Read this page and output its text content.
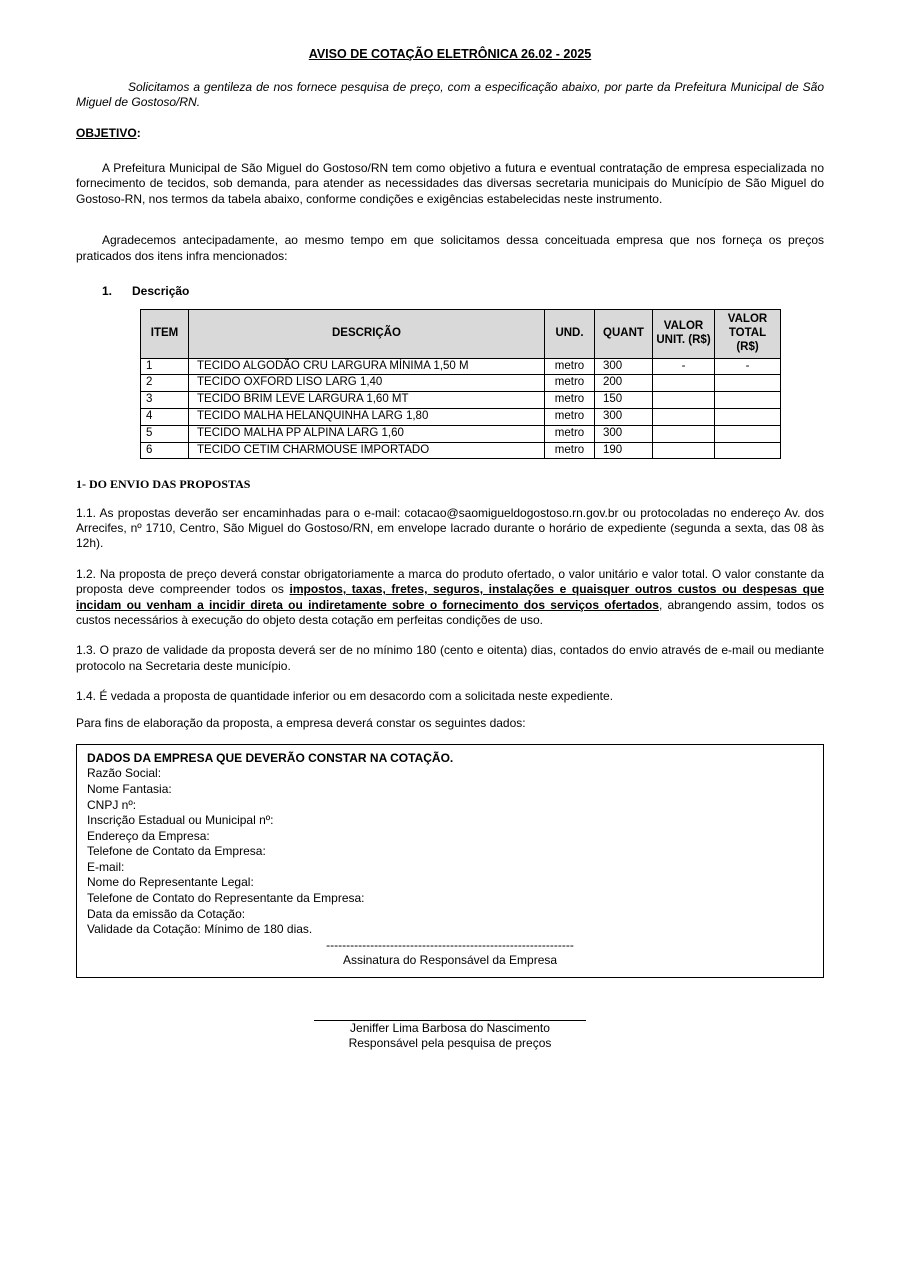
AVISO DE COTAÇÃO ELETRÔNICA 26.02 - 2025

Solicitamos a gentileza de nos fornece pesquisa de preço, com a especificação abaixo, por parte da Prefeitura Municipal de São Miguel de Gostoso/RN.

OBJETIVO:

A Prefeitura Municipal de São Miguel do Gostoso/RN tem como objetivo a futura e eventual contratação de empresa especializada no fornecimento de tecidos, sob demanda, para atender as necessidades das diversas secretaria municipais do Município de São Miguel do Gostoso-RN, nos termos da tabela abaixo, conforme condições e exigências estabelecidas neste instrumento.

Agradecemos antecipadamente, ao mesmo tempo em que solicitamos dessa conceituada empresa que nos forneça os preços praticados dos itens infra mencionados:

1. Descrição

ITEM	DESCRIÇÃO	UND.	QUANT	VALOR UNIT. (R$)	VALOR TOTAL (R$)
1	TECIDO ALGODÃO CRU LARGURA MÍNIMA 1,50 M	metro	300	-	-
2	TECIDO OXFORD LISO LARG 1,40	metro	200		
3	TECIDO BRIM LEVE LARGURA 1,60 MT	metro	150		
4	TECIDO MALHA HELANQUINHA LARG 1,80	metro	300		
5	TECIDO MALHA PP ALPINA LARG 1,60	metro	300		
6	TECIDO CETIM CHARMOUSE IMPORTADO	metro	190		

1- DO ENVIO DAS PROPOSTAS

1.1. As propostas deverão ser encaminhadas para o e-mail: cotacao@saomigueldogostoso.rn.gov.br ou protocoladas no endereço Av. dos Arrecifes, nº 1710, Centro, São Miguel do Gostoso/RN, em envelope lacrado durante o horário de expediente (segunda a sexta, das 08 às 12h).

1.2. Na proposta de preço deverá constar obrigatoriamente a marca do produto ofertado, o valor unitário e valor total. O valor constante da proposta deve compreender todos os impostos, taxas, fretes, seguros, instalações e quaisquer outros custos ou despesas que incidam ou venham a incidir direta ou indiretamente sobre o fornecimento dos serviços ofertados, abrangendo assim, todos os custos necessários à execução do objeto desta cotação em perfeitas condições de uso.

1.3. O prazo de validade da proposta deverá ser de no mínimo 180 (cento e oitenta) dias, contados do envio através de e-mail ou mediante protocolo na Secretaria deste município.

1.4. É vedada a proposta de quantidade inferior ou em desacordo com a solicitada neste expediente.

Para fins de elaboração da proposta, a empresa deverá constar os seguintes dados:

DADOS DA EMPRESA QUE DEVERÃO CONSTAR NA COTAÇÃO.

Razão Social:

Nome Fantasia:

CNPJ nº:

Inscrição Estadual ou Municipal nº:

Endereço da Empresa:

Telefone de Contato da Empresa:

E-mail:

Nome do Representante Legal:

Telefone de Contato do Representante da Empresa:

Data da emissão da Cotação:

Validade da Cotação: Mínimo de 180 dias.

--------------------------------------------------------------

Assinatura do Responsável da Empresa

Jeniffer Lima Barbosa do Nascimento

Responsável pela pesquisa de preços
